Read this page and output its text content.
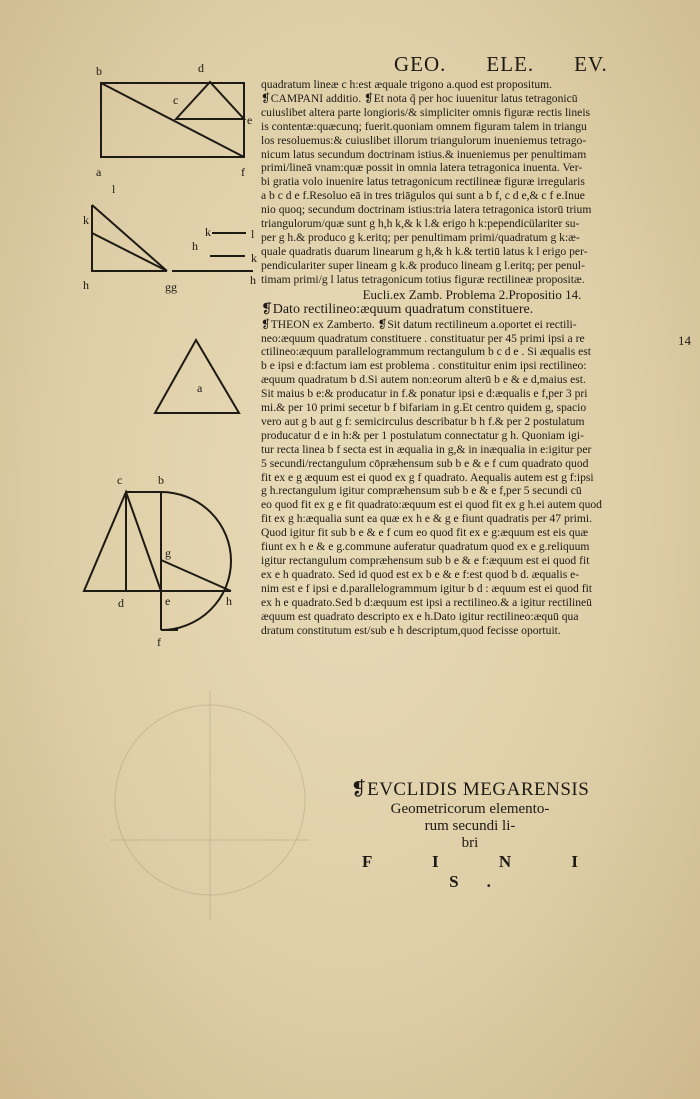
GEO. ELE. EV.
b	d
c
e
a	f
l
k
h	gg
k	l
h
k
h
a
c	b
g
d	e	h
f
quadratum lineæ c h:est æquale trigono a.quod est propositum.
❡CAMPANI additio. ❡Et nota q̃ per hoc iuuenitur latus tetragonicū
cuiuslibet altera parte longioris/& simpliciter omnis figuræ rectis lineis
is contentæ:quæcunq; fuerit.quoniam omnem figuram talem in triangu
los resoluemus:& cuiuslibet illorum triangulorum inueniemus tetrago-
nicum latus secundum doctrinam istius.& inueniemus per penultimam
primi/lineā vnam:quæ possit in omnia latera tetragonica inuenta. Ver-
bi gratia volo inuenire latus tetragonicum rectilineæ figuræ irregularis
a b c d e f.Resoluo eā in tres triāgulos qui sunt a b f, c d e,& c f e.Inue
nio quoq; secundum doctrinam istius:tria latera tetragonica istorū trium
triangulorum/quæ sunt g h,h k,& k l.& erigo h k:pependicülariter su-
per g h.& produco g k.eritq; per penultimam primi/quadratum g k:æ-
quale quadratis duarum linearum g h,& h k.& tertiū latus k l erigo per-
pendiculariter super lineam g k.& produco lineam g l.eritq; per penul-
timam primi/g l latus tetragonicum totius figuræ rectilineæ propositæ.
Eucli.ex Zamb. Problema 2.Propositio 14.
❡Dato rectilineo:æquum quadratum constituere.
❡THEON ex Zamberto. ❡Sit datum rectilineum a.oportet ei rectili-
neo:æquum quadratum constituere . constituatur per 45 primi ipsi a re
ctilineo:æquum parallelogrammum rectangulum b c d e . Si æqualis est
b e ipsi e d:factum iam est problema . constituitur enim ipsi rectilineo:
æquum quadratum b d.Si autem non:eorum alterū b e & e d,maius est.
Sit maius b e:& producatur in f.& ponatur ipsi e d:æqualis e f,per 3 pri
mi.& per 10 primi secetur b f bifariam in g.Et centro quidem g, spacio
vero aut g b aut g f: semicirculus describatur b h f.& per 2 postulatum
producatur d e in h:& per 1 postulatum connectatur g h. Quoniam igi-
tur recta linea b f secta est in æqualia in g,& in inæqualia in e:igitur per
5 secundi/rectangulum cōpræhensum sub b e & e f cum quadrato quod
fit ex e g æquum est ei quod ex g f quadrato. Aequalis autem est g f:ipsi
g h.rectangulum igitur compræhensum sub b e & e f,per 5 secundi cū
eo quod fit ex g e fit quadrato:æquum est ei quod fit ex g h.ei autem quod
fit ex g h:æqualia sunt ea quæ ex h e & g e fiunt quadratis per 47 primi.
Quod igitur fit sub b e & e f cum eo quod fit ex e g:æquum est eis quæ
fiunt ex h e & e g.commune auferatur quadratum quod ex e g.reliquum
igitur rectangulum compræhensum sub b e & e f:æquum est ei quod fit
ex e h quadrato. Sed id quod est ex b e & e f:est quod b d. æqualis e-
nim est e f ipsi e d.parallelogrammum igitur b d : æquum est ei quod fit
ex h e quadrato.Sed b d:æquum est ipsi a rectilineo.& a igitur rectilineū
æquum est quadrato descripto ex e h.Dato igitur rectilineo:æquū qua
dratum constitutum est/sub e h descriptum,quod fecisse oportuit.
14
❡EVCLIDIS MEGARENSIS
Geometricorum elemento-
rum secundi li-
bri
F I N I S.
